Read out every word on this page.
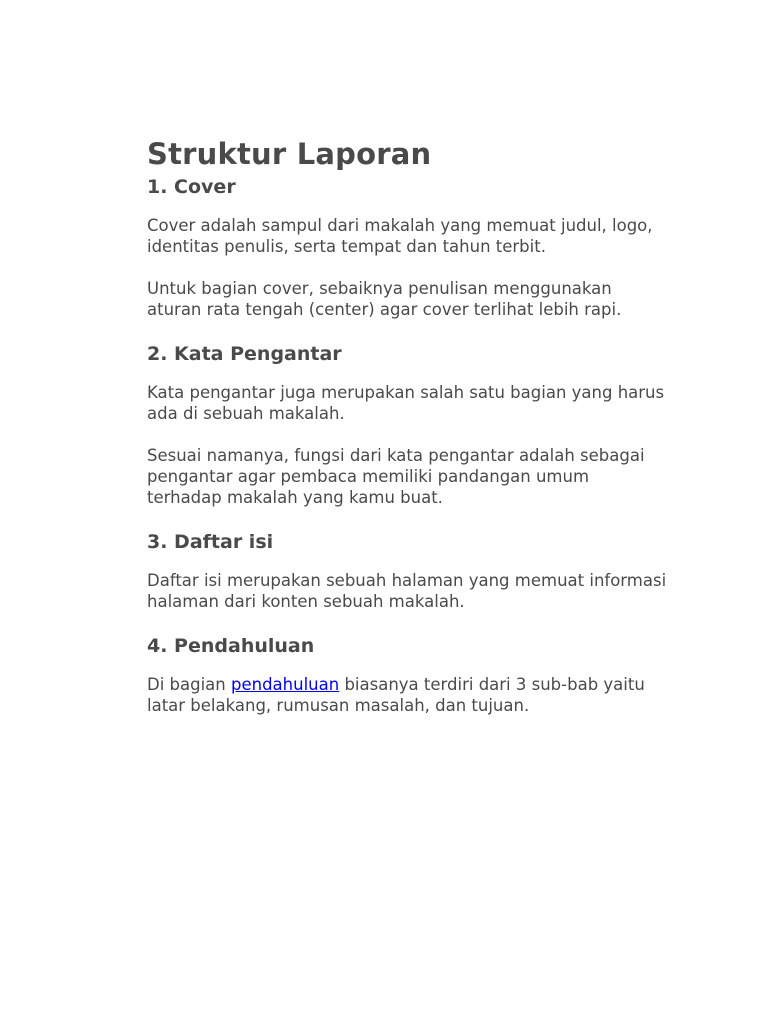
Struktur Laporan
1. Cover

Cover adalah sampul dari makalah yang memuat judul, logo, identitas penulis, serta tempat dan tahun terbit.

Untuk bagian cover, sebaiknya penulisan menggunakan aturan rata tengah (center) agar cover terlihat lebih rapi.

2. Kata Pengantar

Kata pengantar juga merupakan salah satu bagian yang harus ada di sebuah makalah.

Sesuai namanya, fungsi dari kata pengantar adalah sebagai pengantar agar pembaca memiliki pandangan umum terhadap makalah yang kamu buat.

3. Daftar isi

Daftar isi merupakan sebuah halaman yang memuat informasi halaman dari konten sebuah makalah.

4. Pendahuluan

Di bagian pendahuluan biasanya terdiri dari 3 sub-bab yaitu latar belakang, rumusan masalah, dan tujuan.
